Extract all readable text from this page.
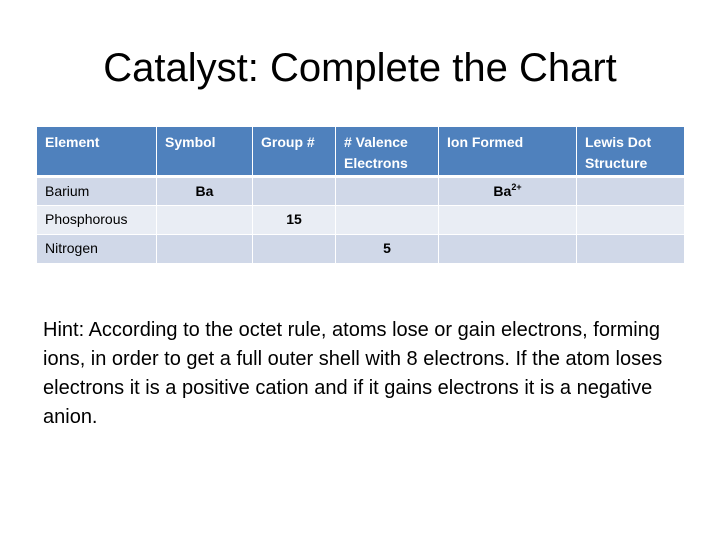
Catalyst: Complete the Chart
Element	Symbol	Group #	# Valence Electrons	Ion Formed	Lewis Dot Structure
Barium	Ba			$Ba^{2+}$	
Phosphorous		15			
Nitrogen			5		
Hint: According to the octet rule, atoms lose or gain electrons, forming ions, in order to get a full outer shell with 8 electrons. If the atom loses electrons it is a positive cation and if it gains electrons it is a negative anion.
